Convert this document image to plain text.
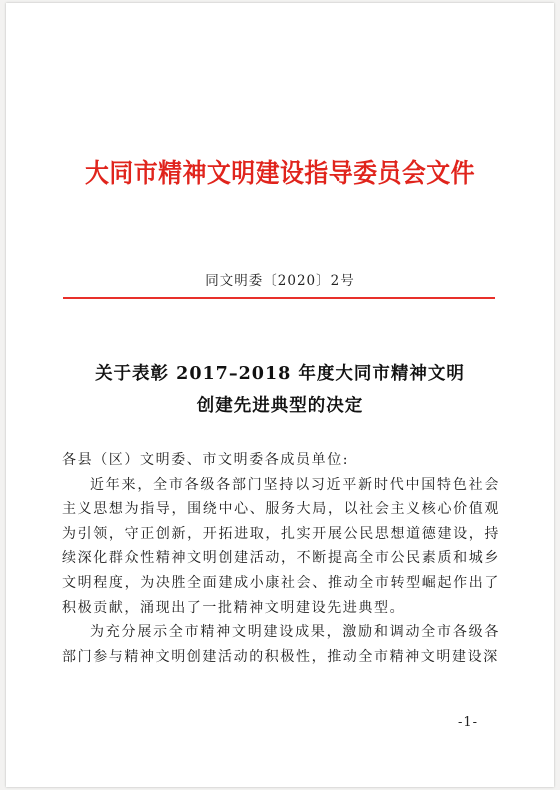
大同市精神文明建设指导委员会文件
同文明委〔2020〕2号
关于表彰 2017–2018 年度大同市精神文明
创建先进典型的决定

各县（区）文明委、市文明委各成员单位:

近年来，全市各级各部门坚持以习近平新时代中国特色社会主义思想为指导，围绕中心、服务大局，以社会主义核心价值观为引领，守正创新，开拓进取，扎实开展公民思想道德建设，持续深化群众性精神文明创建活动，不断提高全市公民素质和城乡文明程度，为决胜全面建成小康社会、推动全市转型崛起作出了积极贡献，涌现出了一批精神文明建设先进典型。

为充分展示全市精神文明建设成果，激励和调动全市各级各部门参与精神文明创建活动的积极性，推动全市精神文明建设深

-1-
